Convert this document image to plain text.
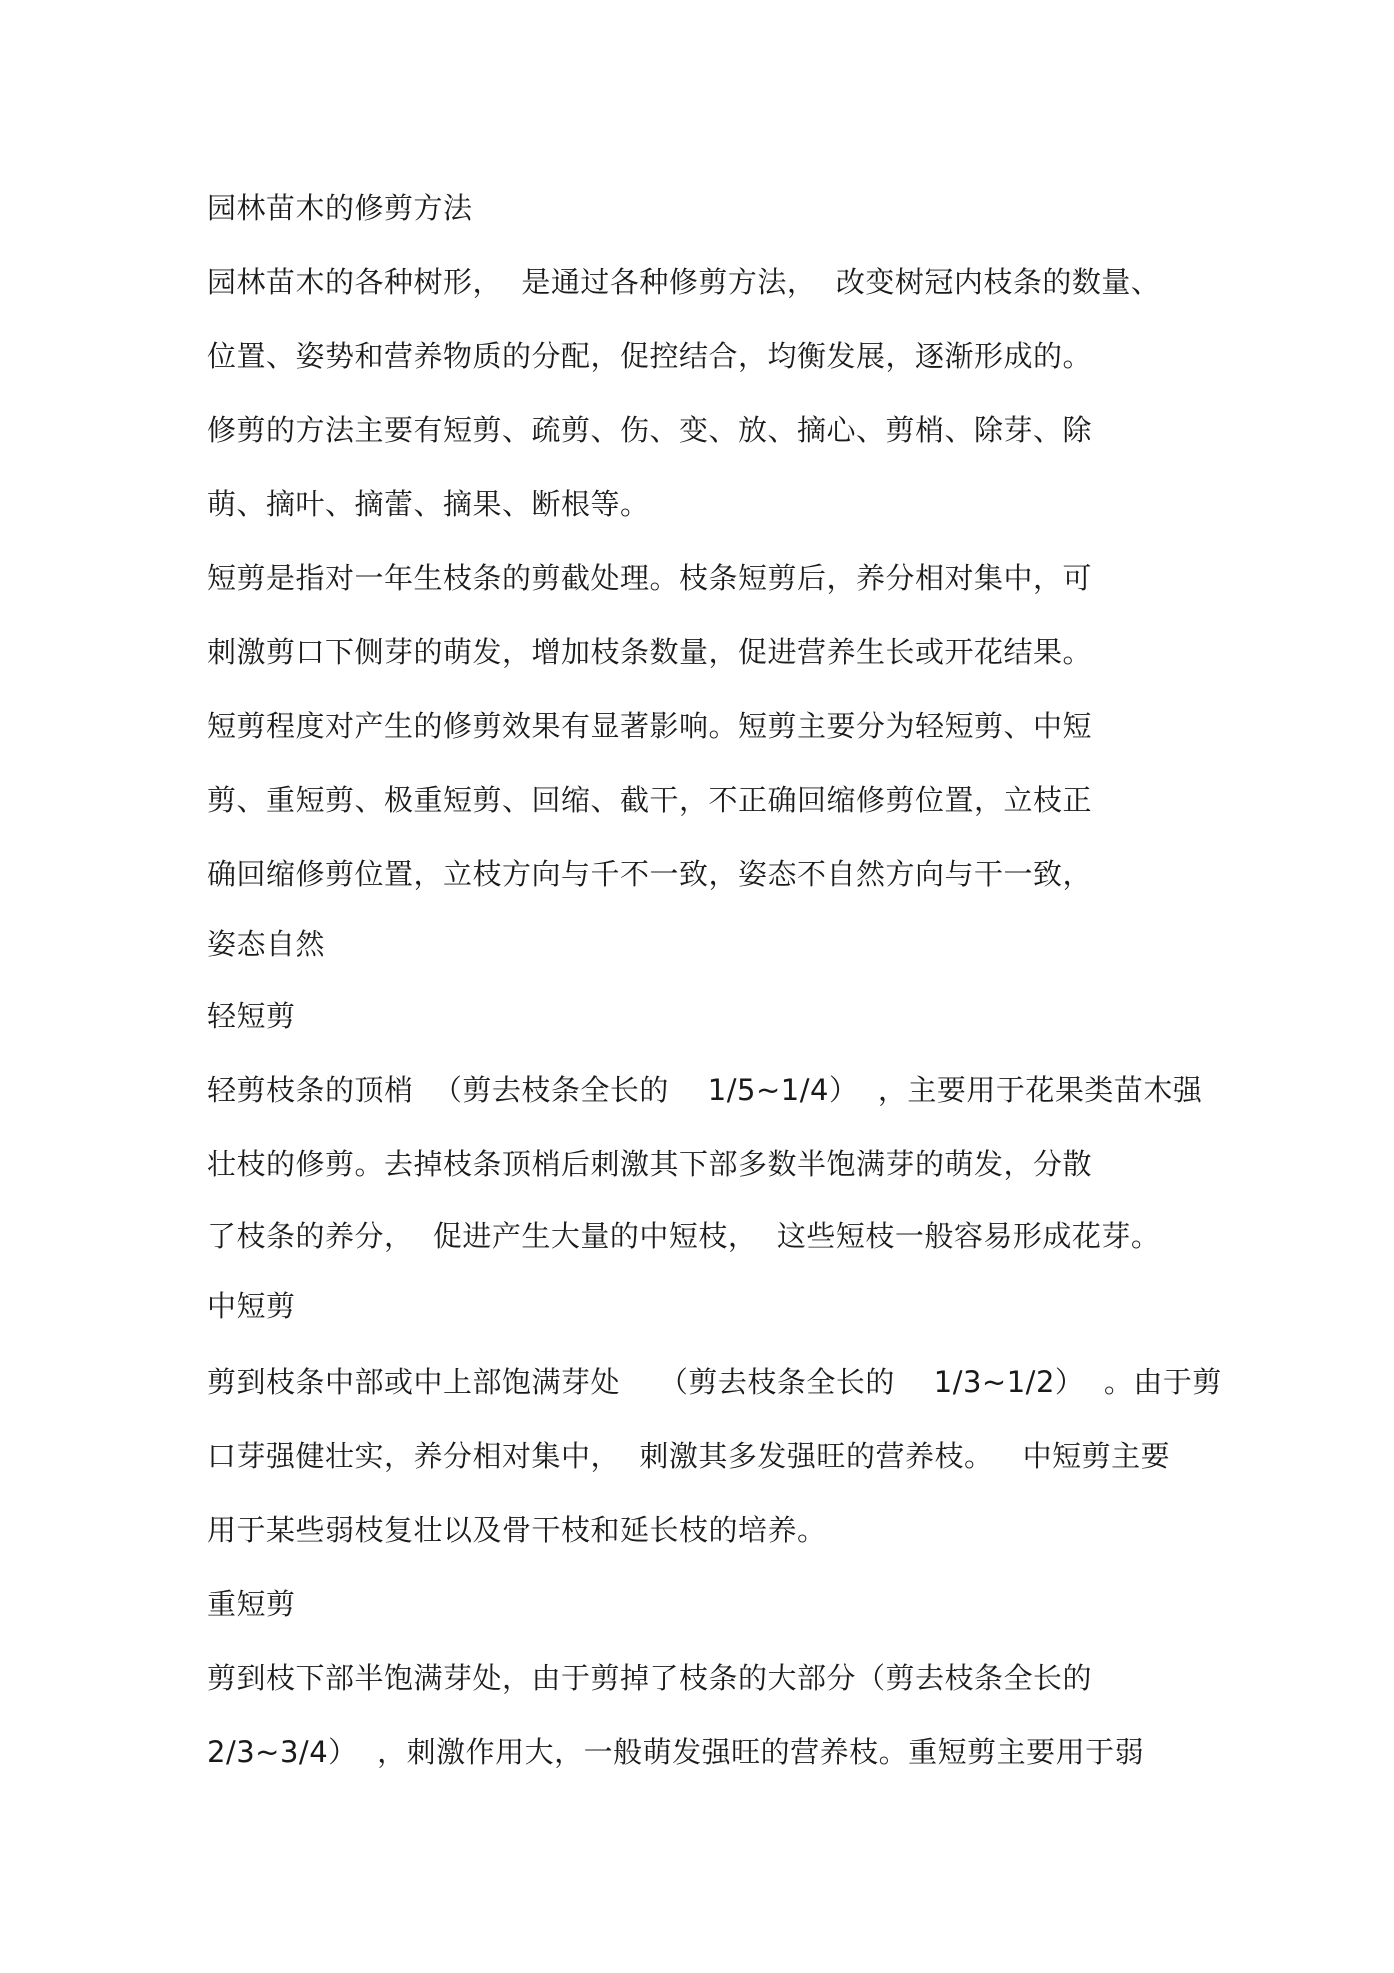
园林苗木的修剪方法
园林苗木的各种树形，  是通过各种修剪方法，  改变树冠内枝条的数量、
位置、姿势和营养物质的分配，促控结合，均衡发展，逐渐形成的。
修剪的方法主要有短剪、疏剪、伤、变、放、摘心、剪梢、除芽、除
萌、摘叶、摘蕾、摘果、断根等。
短剪是指对一年生枝条的剪截处理。枝条短剪后，养分相对集中，可
刺激剪口下侧芽的萌发，增加枝条数量，促进营养生长或开花结果。
短剪程度对产生的修剪效果有显著影响。短剪主要分为轻短剪、中短
剪、重短剪、极重短剪、回缩、截干，不正确回缩修剪位置，立枝正
确回缩修剪位置，立枝方向与千不一致，姿态不自然方向与干一致，
姿态自然
轻短剪
轻剪枝条的顶梢  （剪去枝条全长的    1/5~1/4）  ，主要用于花果类苗木强
壮枝的修剪。去掉枝条顶梢后刺激其下部多数半饱满芽的萌发，分散
了枝条的养分，  促进产生大量的中短枝，  这些短枝一般容易形成花芽。
中短剪
剪到枝条中部或中上部饱满芽处    （剪去枝条全长的    1/3~1/2）  。由于剪
口芽强健壮实，养分相对集中，  刺激其多发强旺的营养枝。   中短剪主要
用于某些弱枝复壮以及骨干枝和延长枝的培养。
重短剪
剪到枝下部半饱满芽处，由于剪掉了枝条的大部分（剪去枝条全长的
2/3~3/4）  ，刺激作用大，一般萌发强旺的营养枝。重短剪主要用于弱
